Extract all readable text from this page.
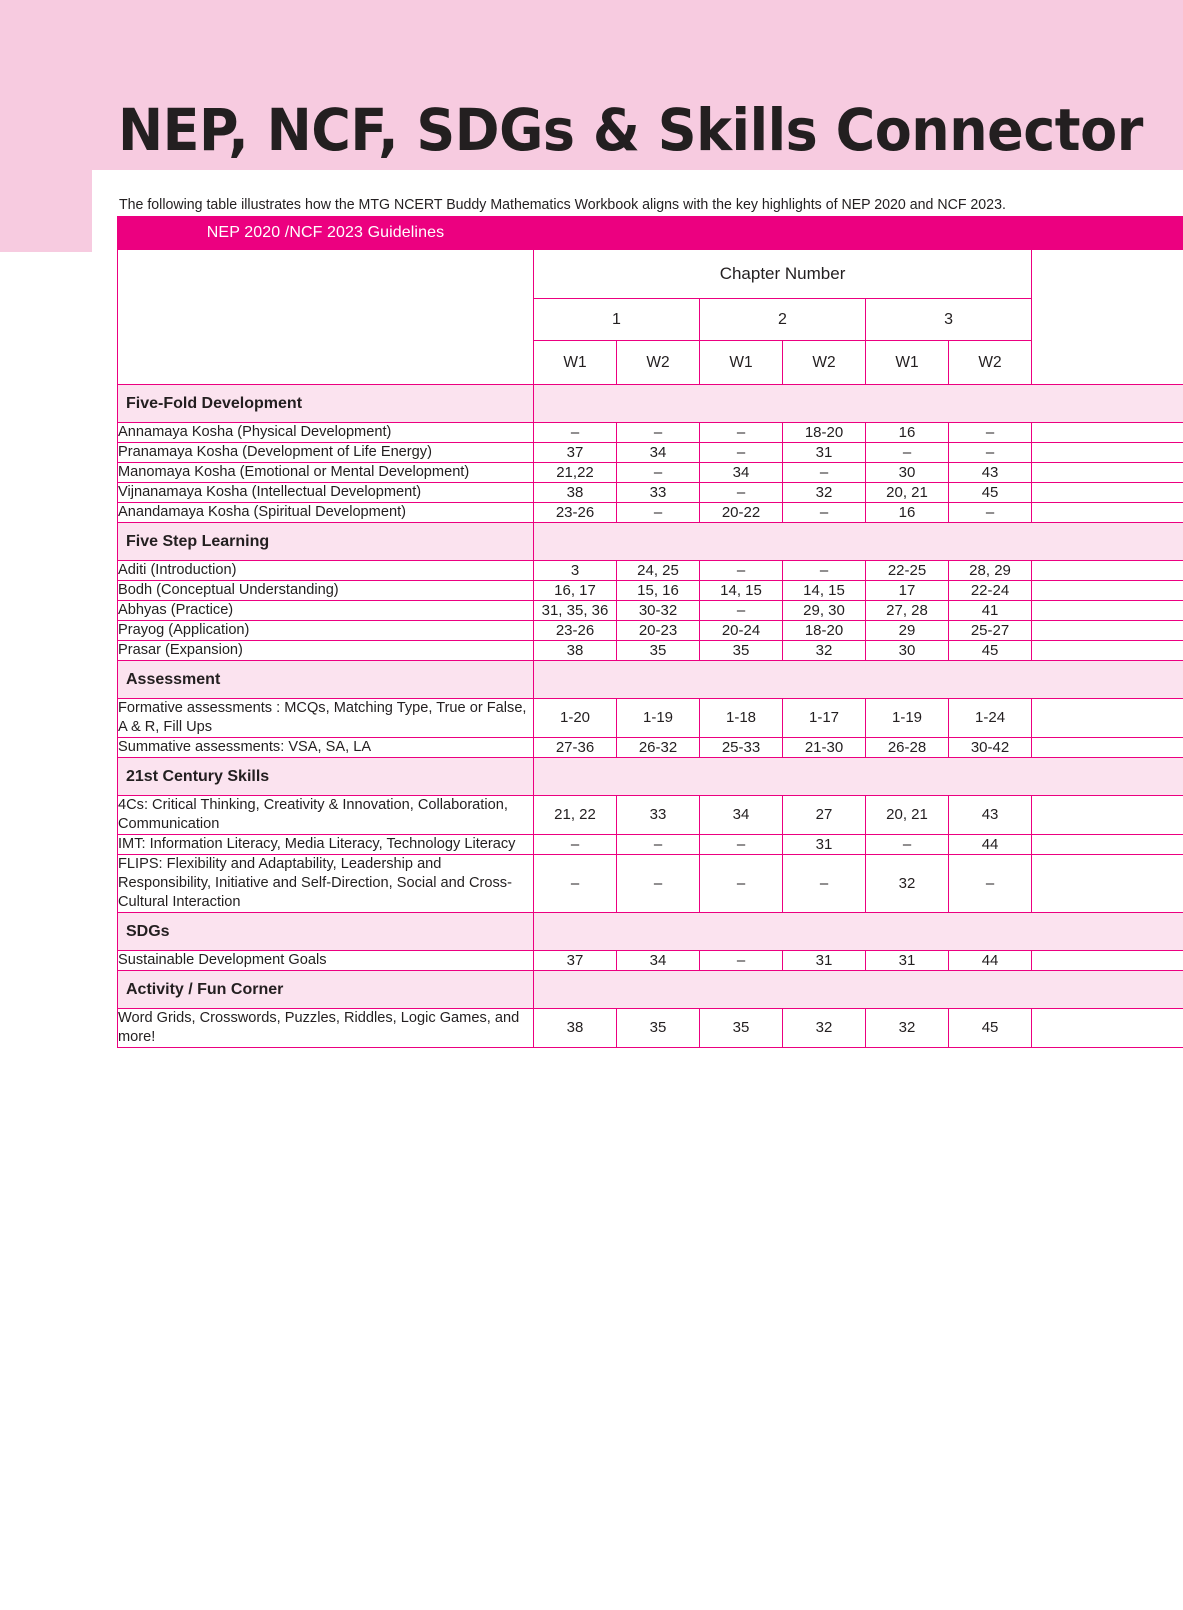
NEP, NCF, SDGs & Skills Connector

The following table illustrates how the MTG NCERT Buddy Mathematics Workbook aligns with the key highlights of NEP 2020 and NCF 2023.

NEP 2020 /NCF 2023 Guidelines							
	Chapter Number						
	1		2		3		
	W1	W2	W1	W2	W1	W2	
Five-Fold Development							
Annamaya Kosha (Physical Development)	–	–	–	18-20	16	–	
Pranamaya Kosha (Development of Life Energy)	37	34	–	31	–	–	
Manomaya Kosha (Emotional or Mental Development)	21,22	–	34	–	30	43	
Vijnanamaya Kosha (Intellectual Development)	38	33	–	32	20, 21	45	
Anandamaya Kosha (Spiritual Development)	23-26	–	20-22	–	16	–	
Five Step Learning							
Aditi (Introduction)	3	24, 25	–	–	22-25	28, 29	
Bodh (Conceptual Understanding)	16, 17	15, 16	14, 15	14, 15	17	22-24	
Abhyas (Practice)	31, 35, 36	30-32	–	29, 30	27, 28	41	
Prayog (Application)	23-26	20-23	20-24	18-20	29	25-27	
Prasar (Expansion)	38	35	35	32	30	45	
Assessment							
Formative assessments : MCQs, Matching Type, True or False, A & R, Fill Ups	1-20	1-19	1-18	1-17	1-19	1-24	
Summative assessments: VSA, SA, LA	27-36	26-32	25-33	21-30	26-28	30-42	
21st Century Skills							
4Cs: Critical Thinking, Creativity & Innovation, Collaboration, Communication	21, 22	33	34	27	20, 21	43	
IMT: Information Literacy, Media Literacy, Technology Literacy	–	–	–	31	–	44	
FLIPS: Flexibility and Adaptability, Leadership and Responsibility, Initiative and Self-Direction, Social and Cross-Cultural Interaction	–	–	–	–	32	–	
SDGs							
Sustainable Development Goals	37	34	–	31	31	44	
Activity / Fun Corner							
Word Grids, Crosswords, Puzzles, Riddles, Logic Games, and more!	38	35	35	32	32	45	
